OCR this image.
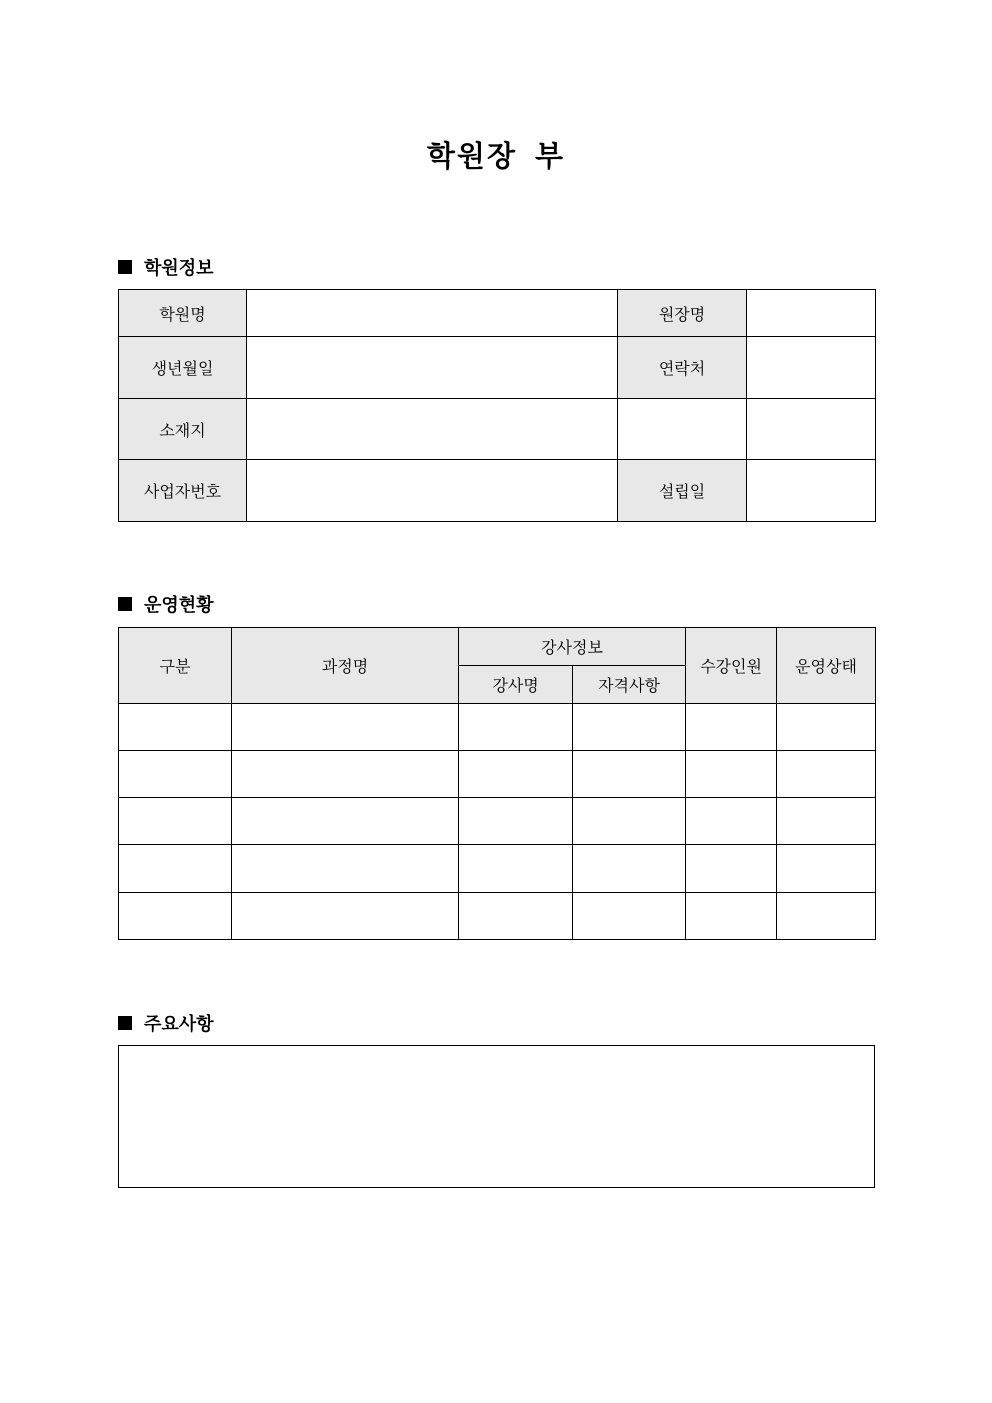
학원장 부
학원정보
학원명		원장명	
생년월일		연락처	
소재지			
사업자번호		설립일	
운영현황
구분	과정명	강사정보		수강인원	운영상태
		강사명	자격사항		

주요사항
